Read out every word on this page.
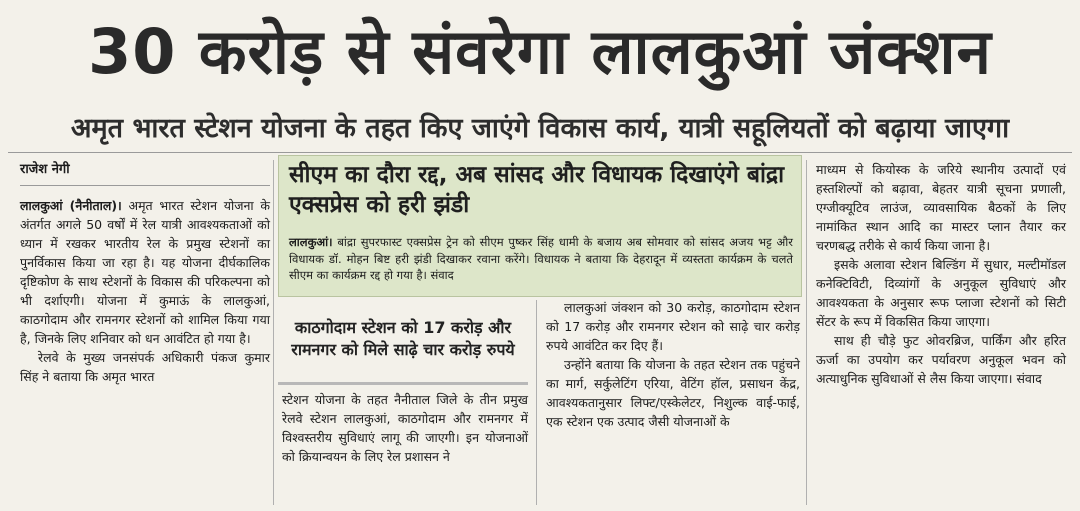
30 करोड़ से संवरेगा लालकुआं जंक्शन
अमृत भारत स्टेशन योजना के तहत किए जाएंगे विकास कार्य, यात्री सहूलियतों को बढ़ाया जाएगा
राजेश नेगी

लालकुआं (नैनीताल)। अमृत भारत स्टेशन योजना के अंतर्गत अगले 50 वर्षों में रेल यात्री आवश्यकताओं को ध्यान में रखकर भारतीय रेल के प्रमुख स्टेशनों का पुनर्विकास किया जा रहा है। यह योजना दीर्घकालिक दृष्टिकोण के साथ स्टेशनों के विकास की परिकल्पना को भी दर्शाएगी। योजना में कुमाऊं के लालकुआं, काठगोदाम और रामनगर स्टेशनों को शामिल किया गया है, जिनके लिए शनिवार को धन आवंटित हो गया है।

रेलवे के मुख्य जनसंपर्क अधिकारी पंकज कुमार सिंह ने बताया कि अमृत भारत

सीएम का दौरा रद्द, अब सांसद और विधायक दिखाएंगे बांद्रा एक्सप्रेस को हरी झंडी
लालकुआं। बांद्रा सुपरफास्ट एक्सप्रेस ट्रेन को सीएम पुष्कर सिंह धामी के बजाय अब सोमवार को सांसद अजय भट्ट और विधायक डॉ. मोहन बिष्ट हरी झंडी दिखाकर रवाना करेंगे। विधायक ने बताया कि देहरादून में व्यस्तता कार्यक्रम के चलते सीएम का कार्यक्रम रद्द हो गया है। संवाद
काठगोदाम स्टेशन को 17 करोड़ और रामनगर को मिले साढ़े चार करोड़ रुपये

स्टेशन योजना के तहत नैनीताल जिले के तीन प्रमुख रेलवे स्टेशन लालकुआं, काठगोदाम और रामनगर में विश्वस्तरीय सुविधाएं लागू की जाएगी। इन योजनाओं को क्रियान्वयन के लिए रेल प्रशासन ने

लालकुआं जंक्शन को 30 करोड़, काठगोदाम स्टेशन को 17 करोड़ और रामनगर स्टेशन को साढ़े चार करोड़ रुपये आवंटित कर दिए हैं।

उन्होंने बताया कि योजना के तहत स्टेशन तक पहुंचने का मार्ग, सर्कुलेटिंग एरिया, वेटिंग हॉल, प्रसाधन केंद्र, आवश्यकतानुसार लिफ्ट/एस्केलेटर, निशुल्क वाई-फाई, एक स्टेशन एक उत्पाद जैसी योजनाओं के

माध्यम से कियोस्क के जरिये स्थानीय उत्पादों एवं हस्तशिल्पों को बढ़ावा, बेहतर यात्री सूचना प्रणाली, एग्जीक्यूटिव लाउंज, व्यावसायिक बैठकों के लिए नामांकित स्थान आदि का मास्टर प्लान तैयार कर चरणबद्ध तरीके से कार्य किया जाना है।

इसके अलावा स्टेशन बिल्डिंग में सुधार, मल्टीमॉडल कनेक्टिविटी, दिव्यांगों के अनुकूल सुविधाएं और आवश्यकता के अनुसार रूफ प्लाजा स्टेशनों को सिटी सेंटर के रूप में विकसित किया जाएगा।

साथ ही चौड़े फुट ओवरब्रिज, पार्किंग और हरित ऊर्जा का उपयोग कर पर्यावरण अनुकूल भवन को अत्याधुनिक सुविधाओं से लैस किया जाएगा। संवाद
